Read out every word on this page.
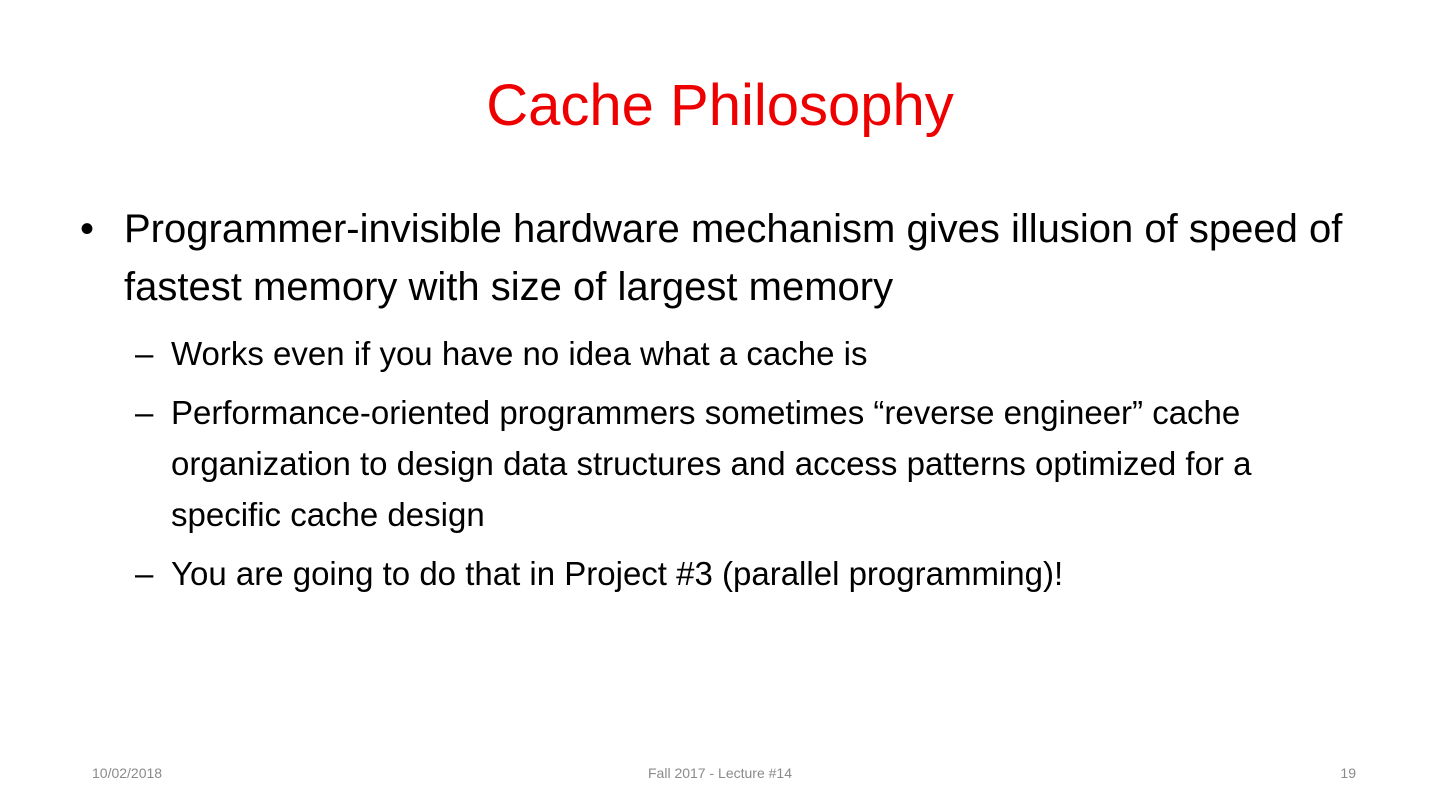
Cache Philosophy

• Programmer-invisible hardware mechanism gives illusion of speed of fastest memory with size of largest memory

– Works even if you have no idea what a cache is

– Performance-oriented programmers sometimes “reverse engineer” cache organization to design data structures and access patterns optimized for a specific cache design

– You are going to do that in Project #3 (parallel programming)!

10/02/2018	Fall 2017 - Lecture #14	19
